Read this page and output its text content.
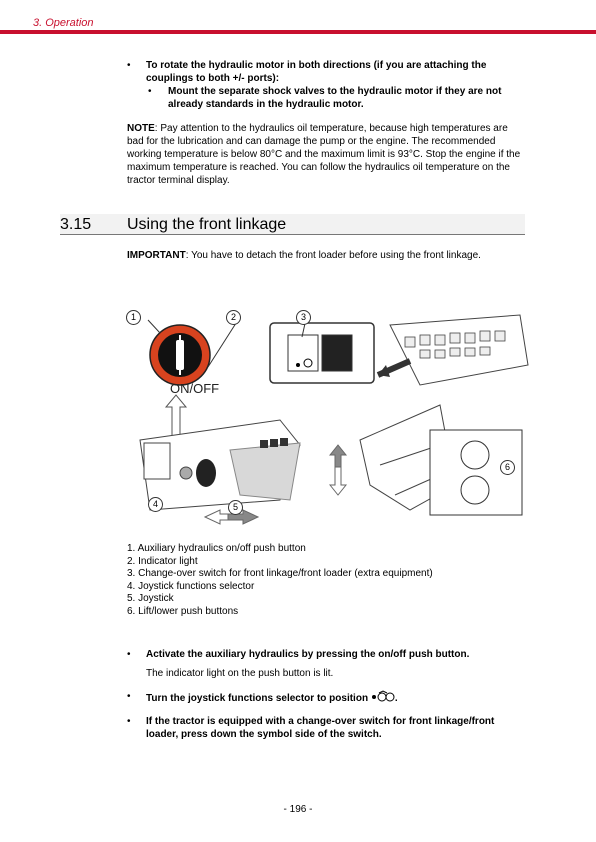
3. Operation
• To rotate the hydraulic motor in both directions (if you are attaching the couplings to both +/- ports):
• Mount the separate shock valves to the hydraulic motor if they are not already standards in the hydraulic motor.
NOTE: Pay attention to the hydraulics oil temperature, because high temperatures are bad for the lubrication and can damage the pump or the engine. The recommended working temperature is below 80°C and the maximum limit is 93°C. Stop the engine if the maximum temperature is reached. You can follow the hydraulics oil temperature on the tractor terminal display.
3.15 Using the front linkage
IMPORTANT: You have to detach the front loader before using the front linkage.
ON/OFF
1	2	3
4	5
6
1. Auxiliary hydraulics on/off push button
2. Indicator light
3. Change-over switch for front linkage/front loader (extra equipment)
4. Joystick functions selector
5. Joystick
6. Lift/lower push buttons
• Activate the auxiliary hydraulics by pressing the on/off push button.
The indicator light on the push button is lit.
• Turn the joystick functions selector to position	.
• If the tractor is equipped with a change-over switch for front linkage/front loader, press down the symbol side of the switch.
- 196 -
